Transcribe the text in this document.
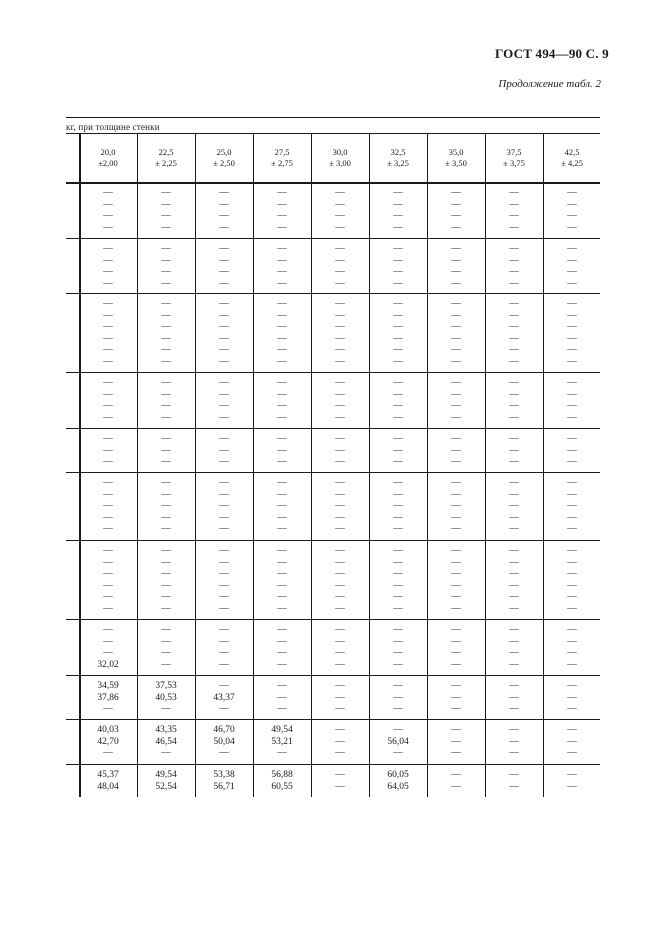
ГОСТ 494—90 С. 9
Продолжение табл. 2
кг, при толщине стенки
20,0
±2,00
22,5
± 2,25
25,0
± 2,50
27,5
± 2,75
30,0
± 3,00
32,5
± 3,25
35,0
± 3,50
37,5
± 3,75
42,5
± 4,25
—
—
—
—
—
—
—
—
—
—
—
—
—
—
—
—
—
—
—
—
—
—
—
—
—
—
—
—
—
—
—
—
—
—
—
—
—
—
—
—
—
—
—
—
—
—
—
—
—
—
—
—
—
—
—
—
—
—
—
—
—
—
—
—
—
—
—
—
—
—
—
—
—
—
—
—
—
—
—
—
—
—
—
—
—
—
—
—
—
—
—
—
—
—
—
—
—
—
—
—
—
—
—
—
—
—
—
—
—
—
—
—
—
—
—
—
—
—
—
—
—
—
—
—
—
—
—
—
—
—
—
—
—
—
—
—
—
—
—
—
—
—
—
—
—
—
—
—
—
—
—
—
—
—
—
—
—
—
—
—
—
—
—
—
—
—
—
—
—
—
—
—
—
—
—
—
—
—
—
—
—
—
—
—
—
—
—
—
—
—
—
—
—
—
—
—
—
—
—
—
—
—
—
—
—
—
—
—
—
—
—
—
—
—
—
—
—
—
—
—
—
—
—
—
—
—
—
—
—
—
—
—
—
—
—
—
—
—
—
—
—
—
—
—
—
—
—
—
—
—
—
—
—
—
—
—
—
—
—
—
—
—
—
—
—
—
—
—
—
—
—
—
—
—
—
—
—
—
—
—
—
—
—
—
—
—
—
—
—
—
—
32,02
—
—
—
—
—
—
—
—
—
—
—
—
—
—
—
—
—
—
—
—
—
—
—
—
—
—
—
—
—
—
—
—
34,59
37,86
—
37,53
40,53
—
—
43,37
—
—
—
—
—
—
—
—
—
—
—
—
—
—
—
—
—
—
—
40,03
42,70
—
43,35
46,54
—
46,70
50,04
—
49,54
53,21
—
—
—
—
—
56,04
—
—
—
—
—
—
—
—
—
—
45,37
48,04
49,54
52,54
53,38
56,71
56,88
60,55
—
—
60,05
64,05
—
—
—
—
—
—
